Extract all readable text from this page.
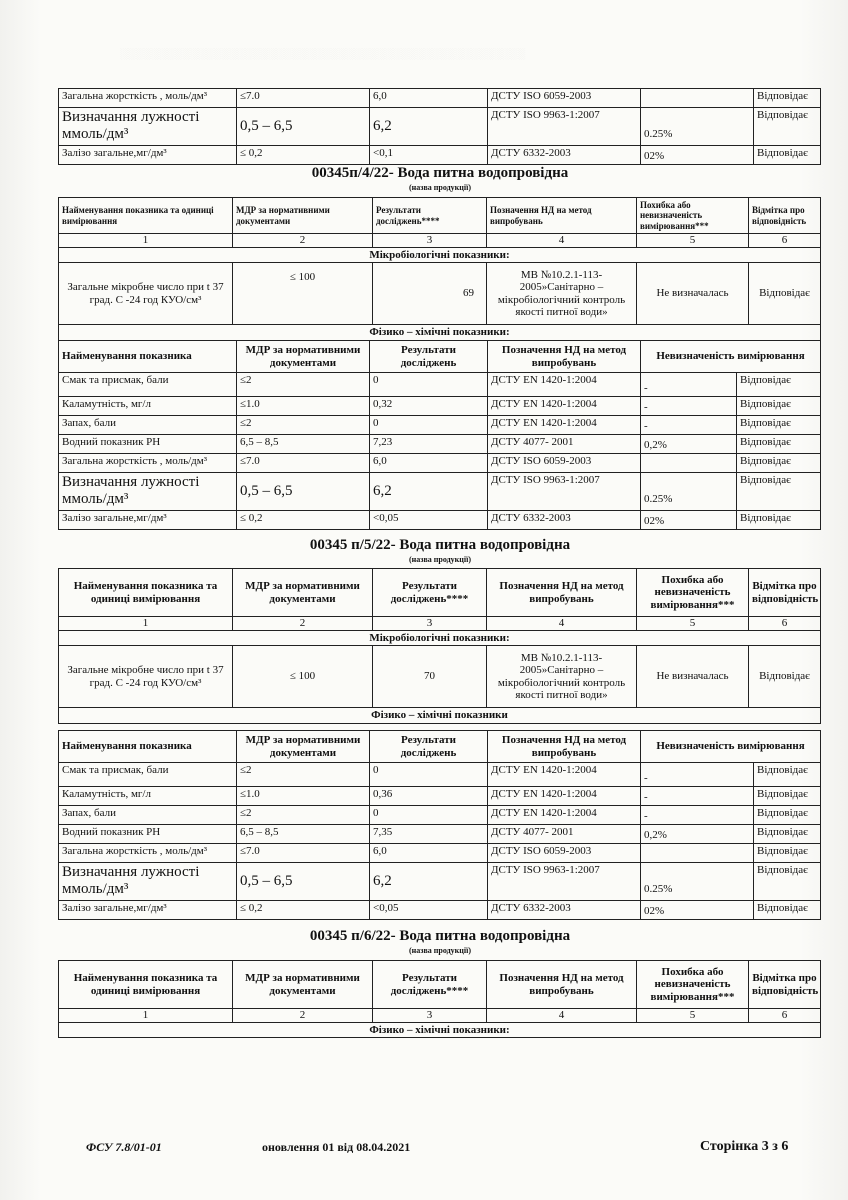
░░░░░░░░░░░░░░░░░░░░░░░░░░░░░░░░░░░░░░░░░░░░░░░░░░░░
Загальна жорсткість , моль/дм³	≤7.0	6,0	ДСТУ ISO 6059-2003		Відповідає
Визначання лужності ммоль/дм³	0,5 – 6,5	6,2	ДСТУ ISO 9963-1:2007	0.25%	Відповідає
Залізо загальне,мг/дм³	≤ 0,2	<0,1	ДСТУ 6332-2003	02%	Відповідає
00345п/4/22- Вода питна водопровідна
(назва продукції)
Найменування показника та одиниці вимірювання	МДР за нормативними документами	Результати досліджень****	Позначення НД на метод випробувань	Похибка або невизначеність вимірювання***	Відмітка про відповідність
1	2	3	4	5	6
Мікробіологічні показники:					
Загальне мікробне число при t 37 град. С -24 год КУО/см³	≤ 100	69	МВ №10.2.1-113-2005»Санітарно – мікробіологічний контроль якості питної води»	Не визначалась	Відповідає
Фізико – хімічні показники:					
Найменування показника	МДР за нормативними документами	Результати досліджень	Позначення НД на метод випробувань	Невизначеність вимірювання	
Смак та присмак, бали	≤2	0	ДСТУ EN 1420-1:2004	-	Відповідає
Каламутність, мг/л	≤1.0	0,32	ДСТУ EN 1420-1:2004	-	Відповідає
Запах, бали	≤2	0	ДСТУ EN 1420-1:2004	-	Відповідає
Водний показник РН	6,5 – 8,5	7,23	ДСТУ 4077- 2001	0,2%	Відповідає
Загальна жорсткість , моль/дм³	≤7.0	6,0	ДСТУ ISO 6059-2003		Відповідає
Визначання лужності ммоль/дм³	0,5 – 6,5	6,2	ДСТУ ISO 9963-1:2007	0.25%	Відповідає
Залізо загальне,мг/дм³	≤ 0,2	<0,05	ДСТУ 6332-2003	02%	Відповідає
00345 п/5/22- Вода питна водопровідна
(назва продукції)
Найменування показника та одиниці вимірювання	МДР за нормативними документами	Результати досліджень****	Позначення НД на метод випробувань	Похибка або невизначеність вимірювання***	Відмітка про відповідність
1	2	3	4	5	6
Мікробіологічні показники:					
Загальне мікробне число при t 37 град. С -24 год КУО/см³	≤ 100	70	МВ №10.2.1-113-2005»Санітарно – мікробіологічний контроль якості питної води»	Не визначалась	Відповідає
Фізико – хімічні показники					
Найменування показника	МДР за нормативними документами	Результати досліджень	Позначення НД на метод випробувань	Невизначеність вимірювання	
Смак та присмак, бали	≤2	0	ДСТУ EN 1420-1:2004	-	Відповідає
Каламутність, мг/л	≤1.0	0,36	ДСТУ EN 1420-1:2004	-	Відповідає
Запах, бали	≤2	0	ДСТУ EN 1420-1:2004	-	Відповідає
Водний показник РН	6,5 – 8,5	7,35	ДСТУ 4077- 2001	0,2%	Відповідає
Загальна жорсткість , моль/дм³	≤7.0	6,0	ДСТУ ISO 6059-2003		Відповідає
Визначання лужності ммоль/дм³	0,5 – 6,5	6,2	ДСТУ ISO 9963-1:2007	0.25%	Відповідає
Залізо загальне,мг/дм³	≤ 0,2	<0,05	ДСТУ 6332-2003	02%	Відповідає
00345 п/6/22- Вода питна водопровідна
(назва продукції)
Найменування показника та одиниці вимірювання	МДР за нормативними документами	Результати досліджень****	Позначення НД на метод випробувань	Похибка або невизначеність вимірювання***	Відмітка про відповідність
1	2	3	4	5	6
Фізико – хімічні показники:					
ФСУ 7.8/01-01	оновлення 01 від 08.04.2021	Сторінка 3 з 6
